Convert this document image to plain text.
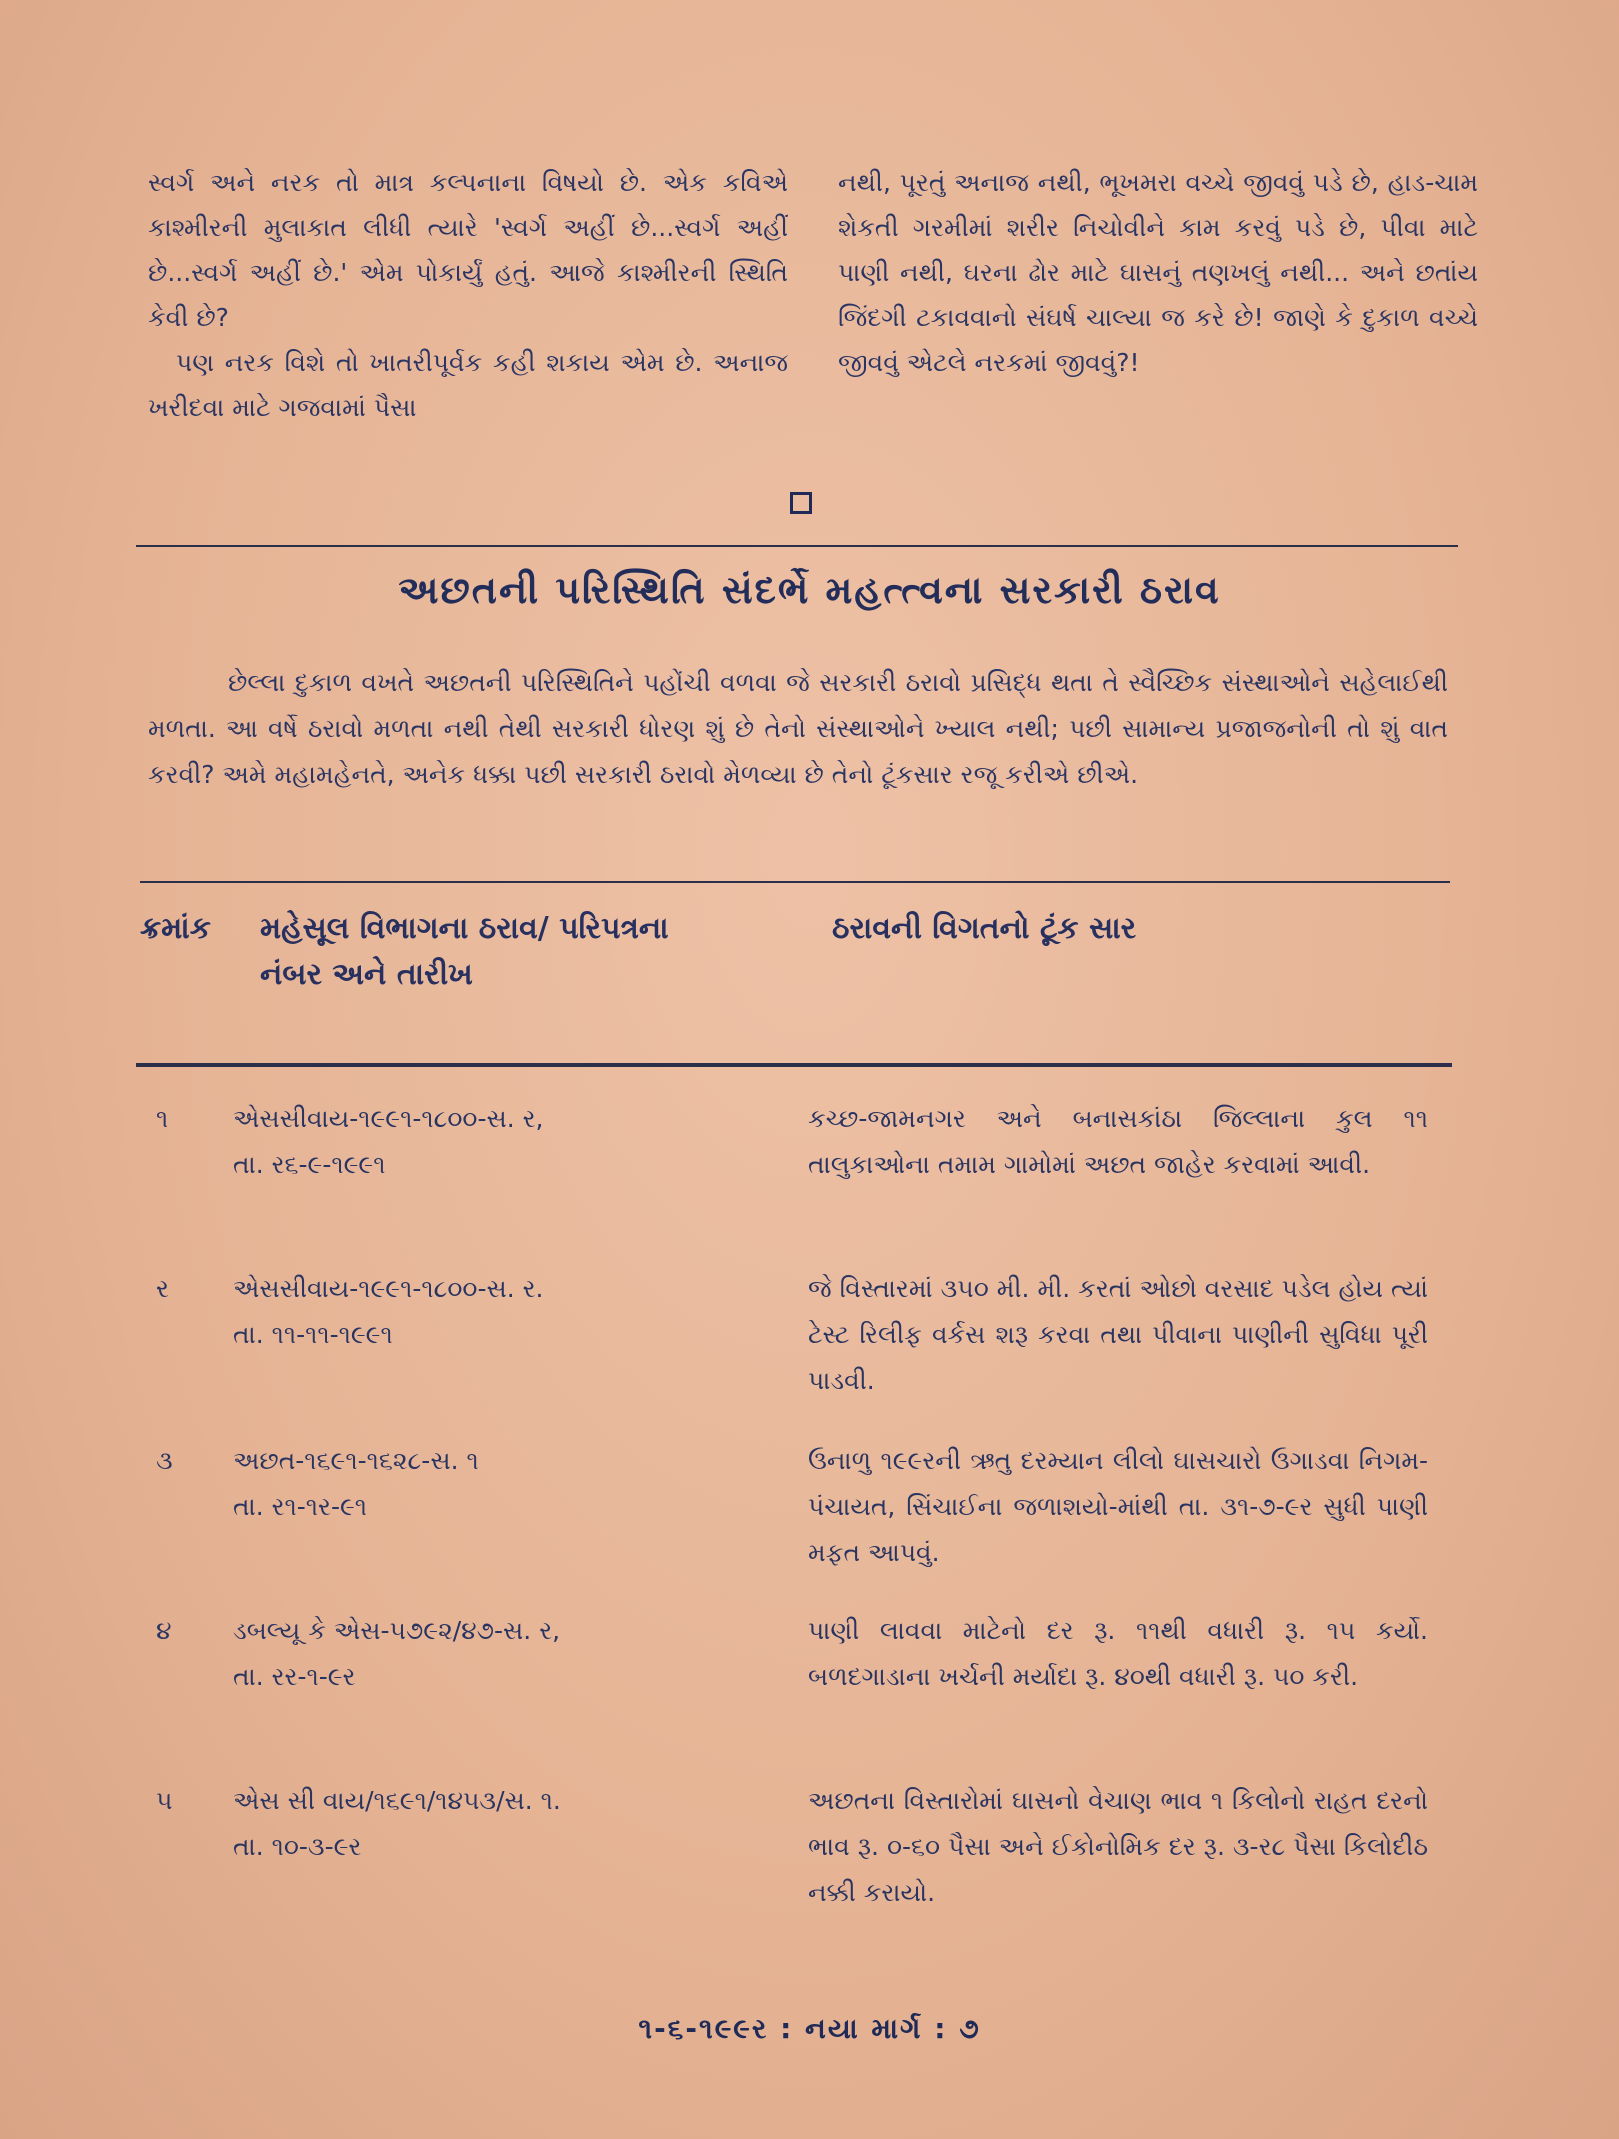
સ્વર્ગ અને નરક તો માત્ર કલ્પનાના વિષયો છે. એક કવિએ કાશ્મીરની મુલાકાત લીધી ત્યારે 'સ્વર્ગ અહીં છે...સ્વર્ગ અહીં છે...સ્વર્ગ અહીં છે.' એમ પોકાર્યું હતું. આજે કાશ્મીરની સ્થિતિ કેવી છે?

પણ નરક વિશે તો ખાતરીપૂર્વક કહી શકાય એમ છે. અનાજ ખરીદવા માટે ગજવામાં પૈસા

નથી, પૂરતું અનાજ નથી, ભૂખમરા વચ્ચે જીવવું પડે છે, હાડ-ચામ શેકતી ગરમીમાં શરીર નિચોવીને કામ કરવું પડે છે, પીવા માટે પાણી નથી, ઘરના ઢોર માટે ઘાસનું તણખલું નથી... અને છતાંય જિંદગી ટકાવવાનો સંઘર્ષ ચાલ્યા જ કરે છે! જાણે કે દુકાળ વચ્ચે જીવવું એટલે નરકમાં જીવવું?!

અછતની પરિસ્થિતિ સંદર્ભે મહત્ત્વના સરકારી ઠરાવ

છેલ્લા દુકાળ વખતે અછતની પરિસ્થિતિને પહોંચી વળવા જે સરકારી ઠરાવો પ્રસિદ્ધ થતા તે સ્વૈચ્છિક સંસ્થાઓને સહેલાઈથી મળતા. આ વર્ષે ઠરાવો મળતા નથી તેથી સરકારી ધોરણ શું છે તેનો સંસ્થાઓને ખ્યાલ નથી; પછી સામાન્ય પ્રજાજનોની તો શું વાત કરવી? અમે મહામહેનતે, અનેક ધક્કા પછી સરકારી ઠરાવો મેળવ્યા છે તેનો ટૂંકસાર રજૂ કરીએ છીએ.

ક્રમાંક મહેસૂલ વિભાગના ઠરાવ/ પરિપત્રના નંબર અને તારીખ
ઠરાવની વિગતનો ટૂંક સાર
૧	એસસીવાય-૧૯૯૧-૧૮૦૦-સ. ર,
તા. ર૬-૯-૧૯૯૧
કચ્છ-જામનગર અને બનાસકાંઠા જિલ્લાના કુલ ૧૧ તાલુકાઓના તમામ ગામોમાં અછત જાહેર કરવામાં આવી.
ર	એસસીવાય-૧૯૯૧-૧૮૦૦-સ. ર.
તા. ૧૧-૧૧-૧૯૯૧
જે વિસ્તારમાં ૩૫૦ મી. મી. કરતાં ઓછો વરસાદ પડેલ હોય ત્યાં ટેસ્ટ રિલીફ વર્કસ શરૂ કરવા તથા પીવાના પાણીની સુવિધા પૂરી પાડવી.
૩ અછત-૧૬૯૧-૧૬૨૮-સ. ૧
તા. ર૧-૧ર-૯૧
ઉનાળુ ૧૯૯રની ઋતુ દરમ્યાન લીલો ઘાસચારો ઉગાડવા નિગમ-પંચાયત, સિંચાઈના જળાશયો-માંથી તા. ૩૧-૭-૯ર સુધી પાણી મફત આપવું.
૪ ડબલ્યૂ કે એસ-૫૭૯૨/૪૭-સ. ર,
તા. રર-૧-૯ર
પાણી લાવવા માટેનો દર રૂ. ૧૧થી વધારી રૂ. ૧૫ કર્યો. બળદગાડાના ખર્ચની મર્યાદા રૂ. ૪૦થી વધારી રૂ. ૫૦ કરી.
૫ એસ સી વાય/૧૬૯૧/૧૪૫૩/સ. ૧.
તા. ૧૦-૩-૯ર
અછતના વિસ્તારોમાં ઘાસનો વેચાણ ભાવ ૧ કિલોનો રાહત દરનો ભાવ રૂ. ૦-૬૦ પૈસા અને ઈકોનોમિક દર રૂ. ૩-ર૮ પૈસા કિલોદીઠ નક્કી કરાયો.
૧-૬-૧૯૯ર : નયા માર્ગ : ૭
